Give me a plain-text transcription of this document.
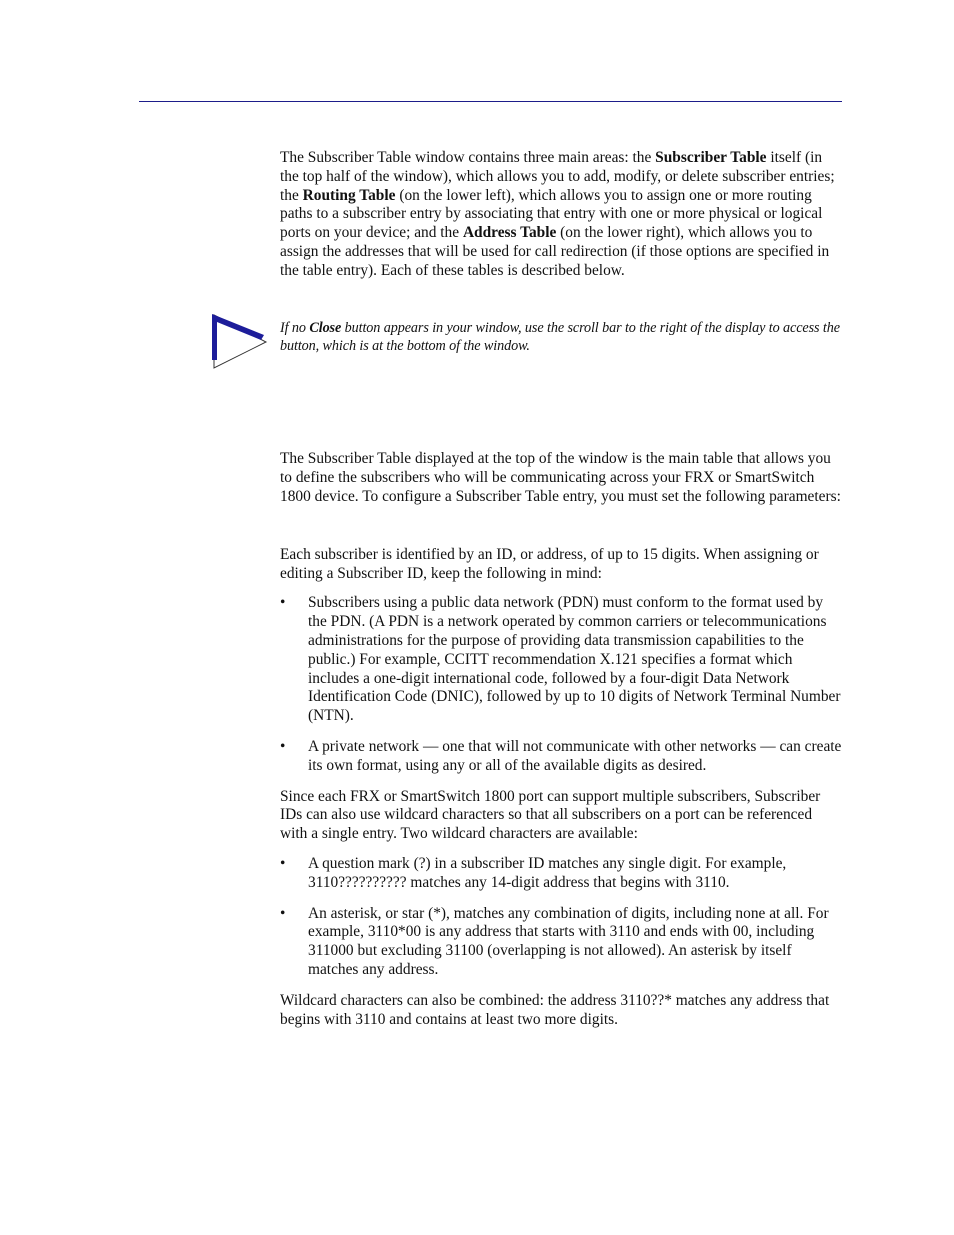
The Subscriber Table window contains three main areas: the Subscriber Table itself (in the top half of the window), which allows you to add, modify, or delete subscriber entries; the Routing Table (on the lower left), which allows you to assign one or more routing paths to a subscriber entry by associating that entry with one or more physical or logical ports on your device; and the Address Table (on the lower right), which allows you to assign the addresses that will be used for call redirection (if those options are specified in the table entry). Each of these tables is described below.

If no Close button appears in your window, use the scroll bar to the right of the display to access the button, which is at the bottom of the window.

The Subscriber Table displayed at the top of the window is the main table that allows you to define the subscribers who will be communicating across your FRX or SmartSwitch 1800 device. To configure a Subscriber Table entry, you must set the following parameters:

Each subscriber is identified by an ID, or address, of up to 15 digits. When assigning or editing a Subscriber ID, keep the following in mind:

• Subscribers using a public data network (PDN) must conform to the format used by the PDN. (A PDN is a network operated by common carriers or telecommunications administrations for the purpose of providing data transmission capabilities to the public.) For example, CCITT recommendation X.121 specifies a format which includes a one-digit international code, followed by a four-digit Data Network Identification Code (DNIC), followed by up to 10 digits of Network Terminal Number (NTN).
• A private network — one that will not communicate with other networks — can create its own format, using any or all of the available digits as desired.

Since each FRX or SmartSwitch 1800 port can support multiple subscribers, Subscriber IDs can also use wildcard characters so that all subscribers on a port can be referenced with a single entry. Two wildcard characters are available:

• A question mark (?) in a subscriber ID matches any single digit. For example, 3110?????????? matches any 14-digit address that begins with 3110.
• An asterisk, or star (*), matches any combination of digits, including none at all. For example, 3110*00 is any address that starts with 3110 and ends with 00, including 311000 but excluding 31100 (overlapping is not allowed). An asterisk by itself matches any address.

Wildcard characters can also be combined: the address 3110??* matches any address that begins with 3110 and contains at least two more digits.
